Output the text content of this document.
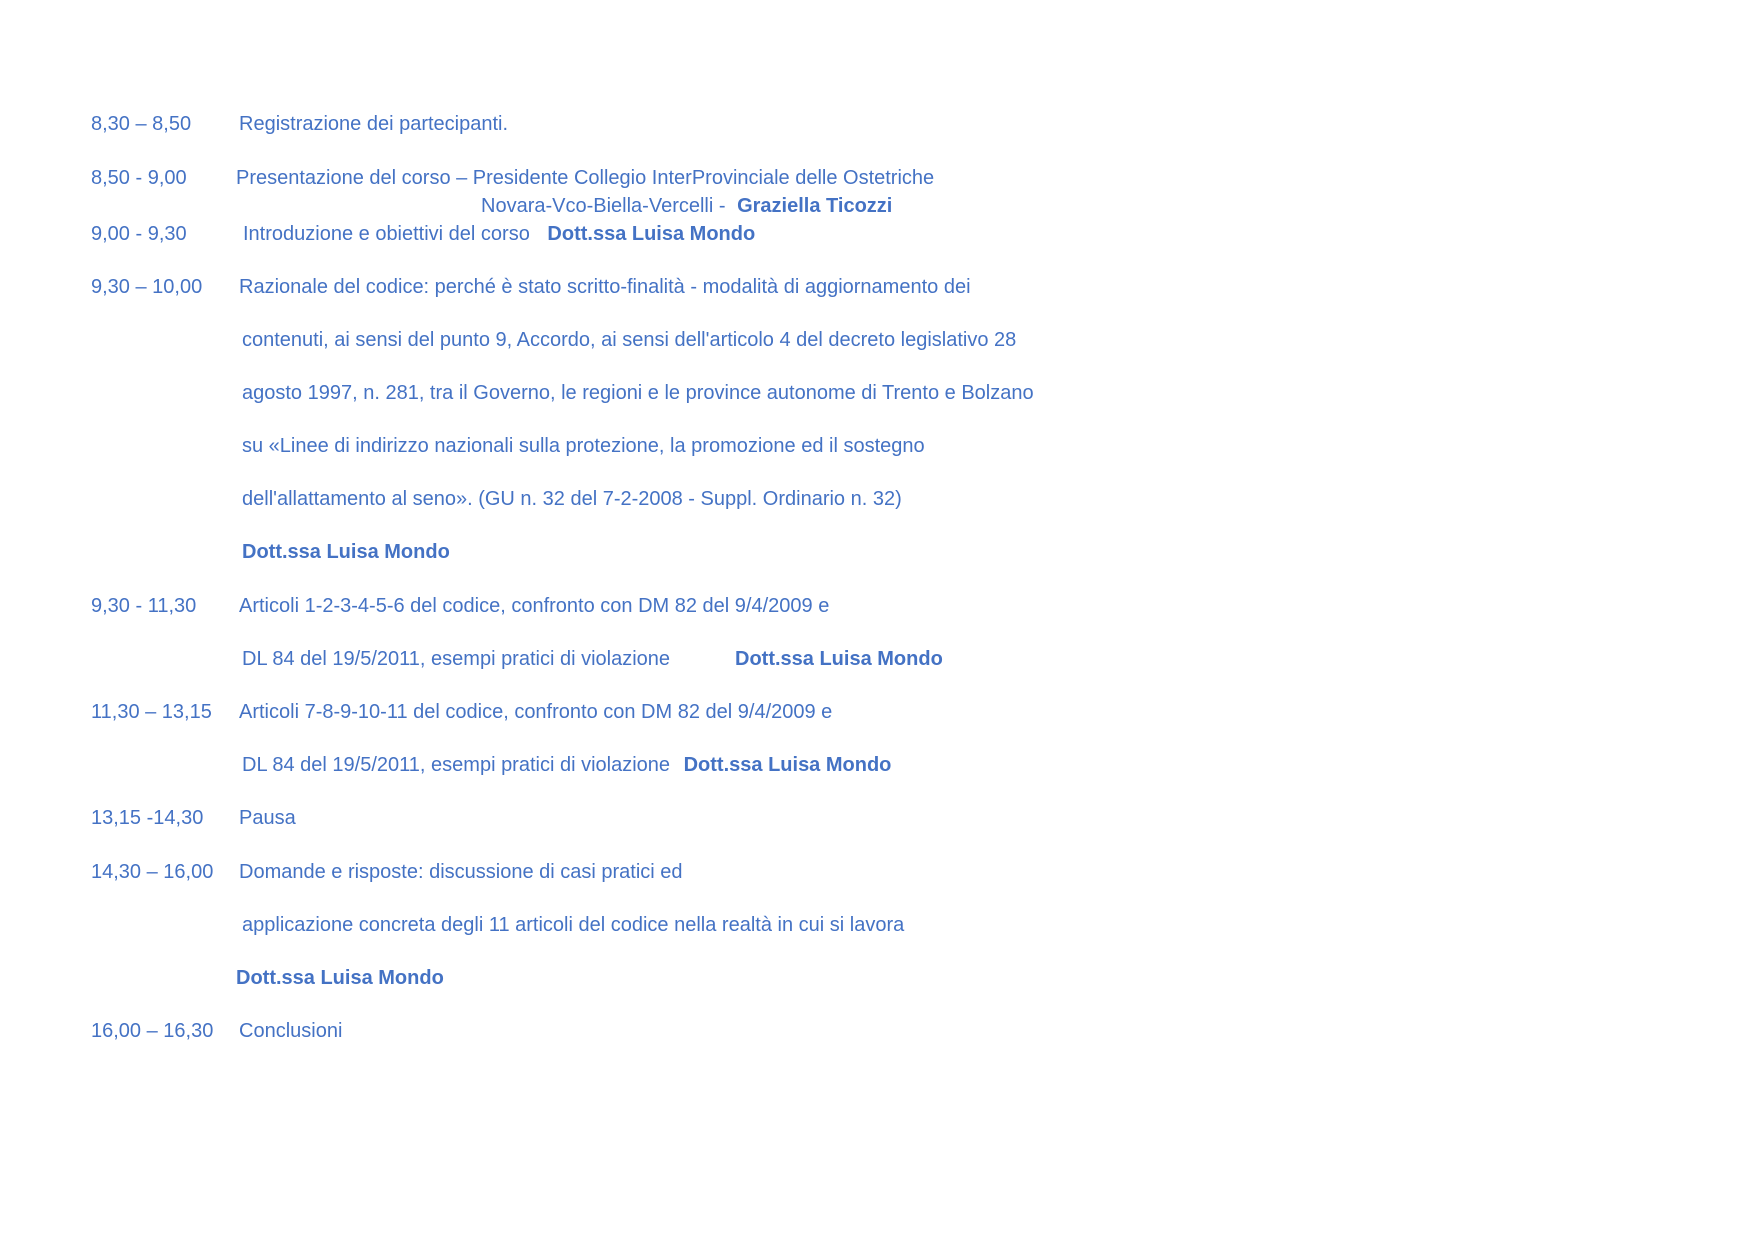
8,30 – 8,50 Registrazione dei partecipanti.
8,50 - 9,00 Presentazione del corso – Presidente Collegio InterProvinciale delle Ostetriche
Novara-Vco-Biella-Vercelli - Graziella Ticozzi
9,00 - 9,30	Introduzione e obiettivi del corso Dott.ssa Luisa Mondo
9,30 – 10,00 Razionale del codice: perché è stato scritto-finalità - modalità di aggiornamento dei
contenuti, ai sensi del punto 9, Accordo, ai sensi dell'articolo 4 del decreto legislativo 28
agosto 1997, n. 281, tra il Governo, le regioni e le province autonome di Trento e Bolzano
su «Linee di indirizzo nazionali sulla protezione, la promozione ed il sostegno
dell'allattamento al seno». (GU n. 32 del 7-2-2008 - Suppl. Ordinario n. 32)
Dott.ssa Luisa Mondo
9,30 - 11,30 Articoli 1-2-3-4-5-6 del codice, confronto con DM 82 del 9/4/2009 e
DL 84 del 19/5/2011, esempi pratici di violazione	Dott.ssa Luisa Mondo
11,30 – 13,15 Articoli 7-8-9-10-11 del codice, confronto con DM 82 del 9/4/2009 e
DL 84 del 19/5/2011, esempi pratici di violazione Dott.ssa Luisa Mondo
13,15 -14,30 Pausa
14,30 – 16,00 Domande e risposte: discussione di casi pratici ed
applicazione concreta degli 11 articoli del codice nella realtà in cui si lavora
Dott.ssa Luisa Mondo
16,00 – 16,30 Conclusioni
